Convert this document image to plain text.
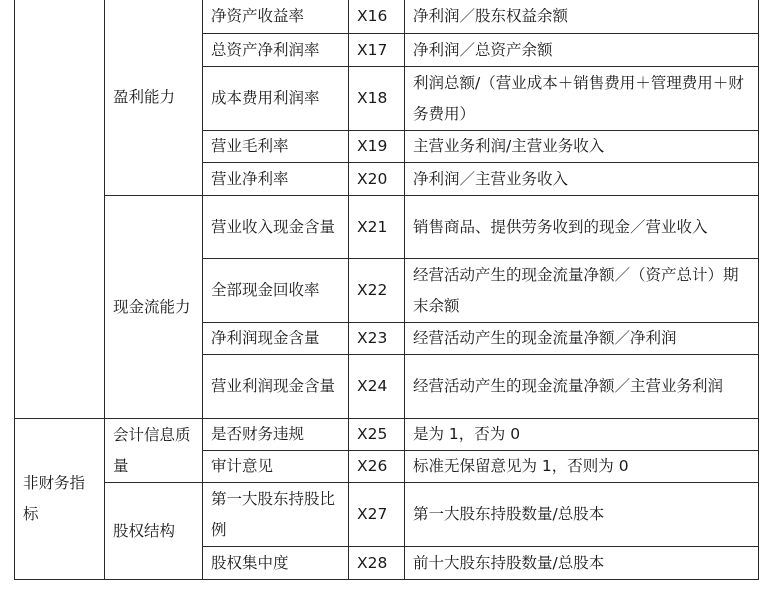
	盈利能力	净资产收益率	X16	净利润／股东权益余额
		总资产净利润率	X17	净利润／总资产余额
		成本费用利润率	X18	利润总额/（营业成本＋销售费用＋管理费用＋财务费用）
		营业毛利率	X19	主营业务利润/主营业务收入
		营业净利率	X20	净利润／主营业务收入
	现金流能力	营业收入现金含量	X21	销售商品、提供劳务收到的现金／营业收入
		全部现金回收率	X22	经营活动产生的现金流量净额／（资产总计）期末余额
		净利润现金含量	X23	经营活动产生的现金流量净额／净利润
		营业利润现金含量	X24	经营活动产生的现金流量净额／主营业务利润
非财务指标	会计信息质量	是否财务违规	X25	是为 1，否为 0
		审计意见	X26	标准无保留意见为 1，否则为 0
	股权结构	第一大股东持股比例	X27	第一大股东持股数量/总股本
		股权集中度	X28	前十大股东持股数量/总股本
